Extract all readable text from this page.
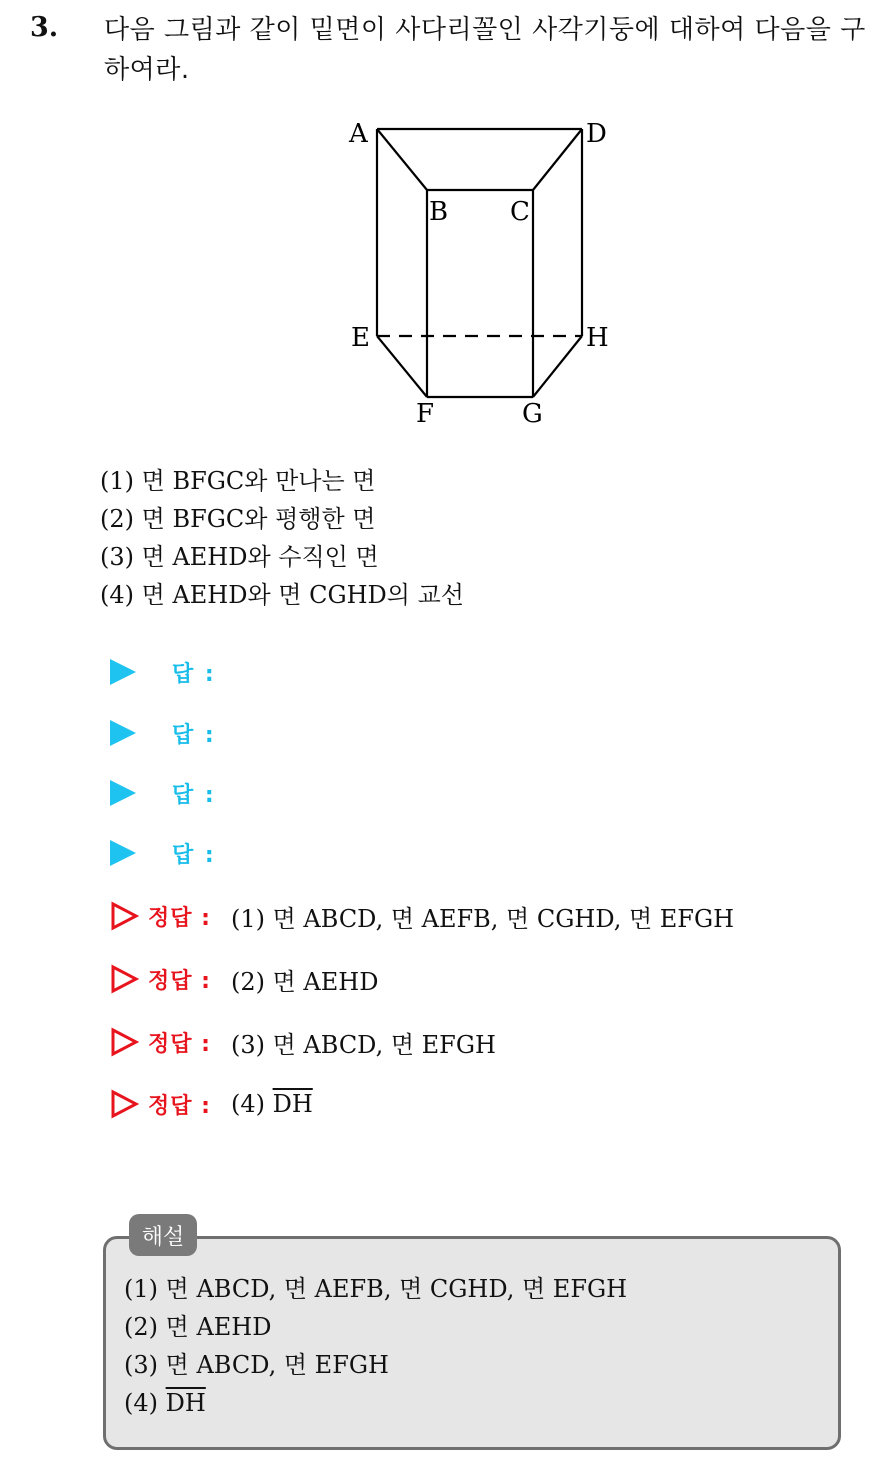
3. 다음 그림과 같이 밑면이 사다리꼴인 사각기둥에 대하여 다음을 구하여라.
A	D
B C
E	H
F	G
(1) 면 BFGC와 만나는 면
(2) 면 BFGC와 평행한 면
(3) 면 AEHD와 수직인 면
(4) 면 AEHD와 면 CGHD의 교선
답 :
답 :
답 :
답 :
정답 : (1) 면 ABCD, 면 AEFB, 면 CGHD, 면 EFGH
정답 : (2) 면 AEHD
정답 : (3) 면 ABCD, 면 EFGH
정답 : (4) $\overline{DH}$
해설
(1) 면 ABCD, 면 AEFB, 면 CGHD, 면 EFGH
(2) 면 AEHD
(3) 면 ABCD, 면 EFGH
(4) $\overline{DH}$
